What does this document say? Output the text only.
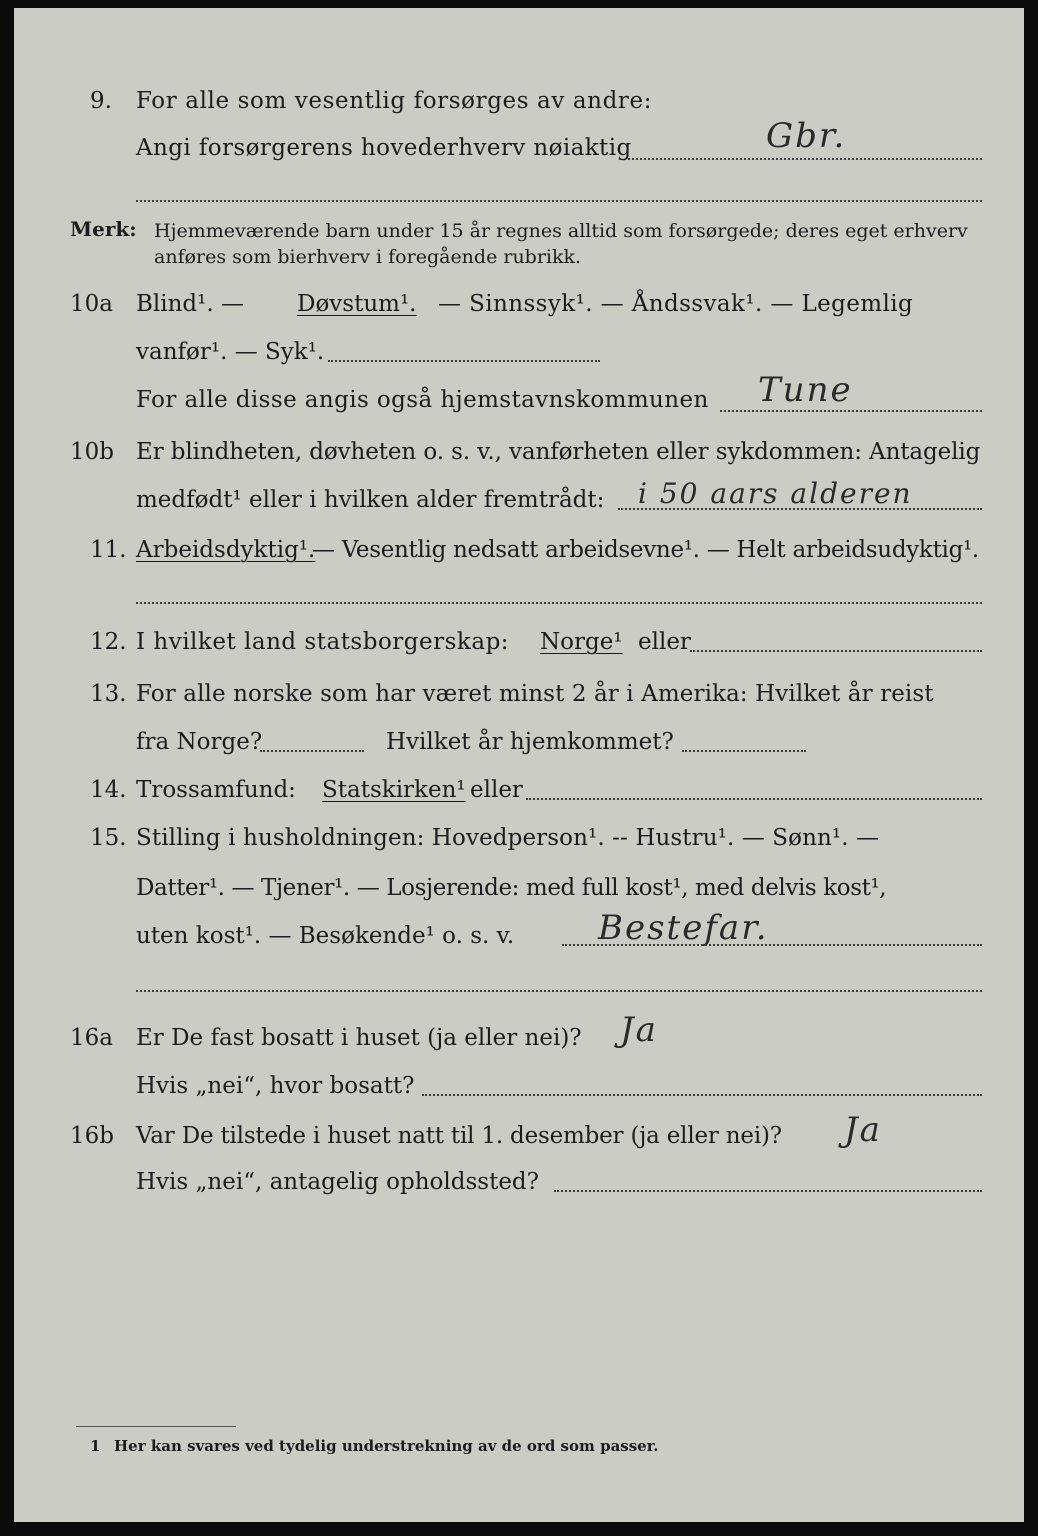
9. For alle som vesentlig forsørges av andre:
Angi forsørgerens hovederhverv nøiaktig	Gbr.
Merk: Hjemmeværende barn under 15 år regnes alltid som forsørgede; deres eget erhverv
anføres som bierhverv i foregående rubrikk.
10a Blind¹. — Døvstum¹. — Sinnssyk¹. — Åndssvak¹. — Legemlig
vanfør¹. — Syk¹.
For alle disse angis også hjemstavnskommunen Tune
10b Er blindheten, døvheten o. s. v., vanførheten eller sykdommen: Antagelig
medfødt¹ eller i hvilken alder fremtrådt: i 50 aars alderen
11. Arbeidsdyktig¹.
— Vesentlig nedsatt arbeidsevne¹. — Helt arbeidsudyktig¹.
12. I hvilket land statsborgerskap: Norge¹ eller
13. For alle norske som har været minst 2 år i Amerika: Hvilket år reist
fra Norge?	Hvilket år hjemkommet?
14. Trossamfund: Statskirken¹ eller
15. Stilling i husholdningen: Hovedperson¹. -- Hustru¹. — Sønn¹. —
Datter¹. — Tjener¹. — Losjerende: med full kost¹, med delvis kost¹,
uten kost¹. — Besøkende¹ o. s. v. Bestefar.
16a Er De fast bosatt i huset (ja eller nei)? Ja
Hvis „nei“, hvor bosatt?
16b Var De tilstede i huset natt til 1. desember (ja eller nei)? Ja
Hvis „nei“, antagelig opholdssted?
1 Her kan svares ved tydelig understrekning av de ord som passer.
